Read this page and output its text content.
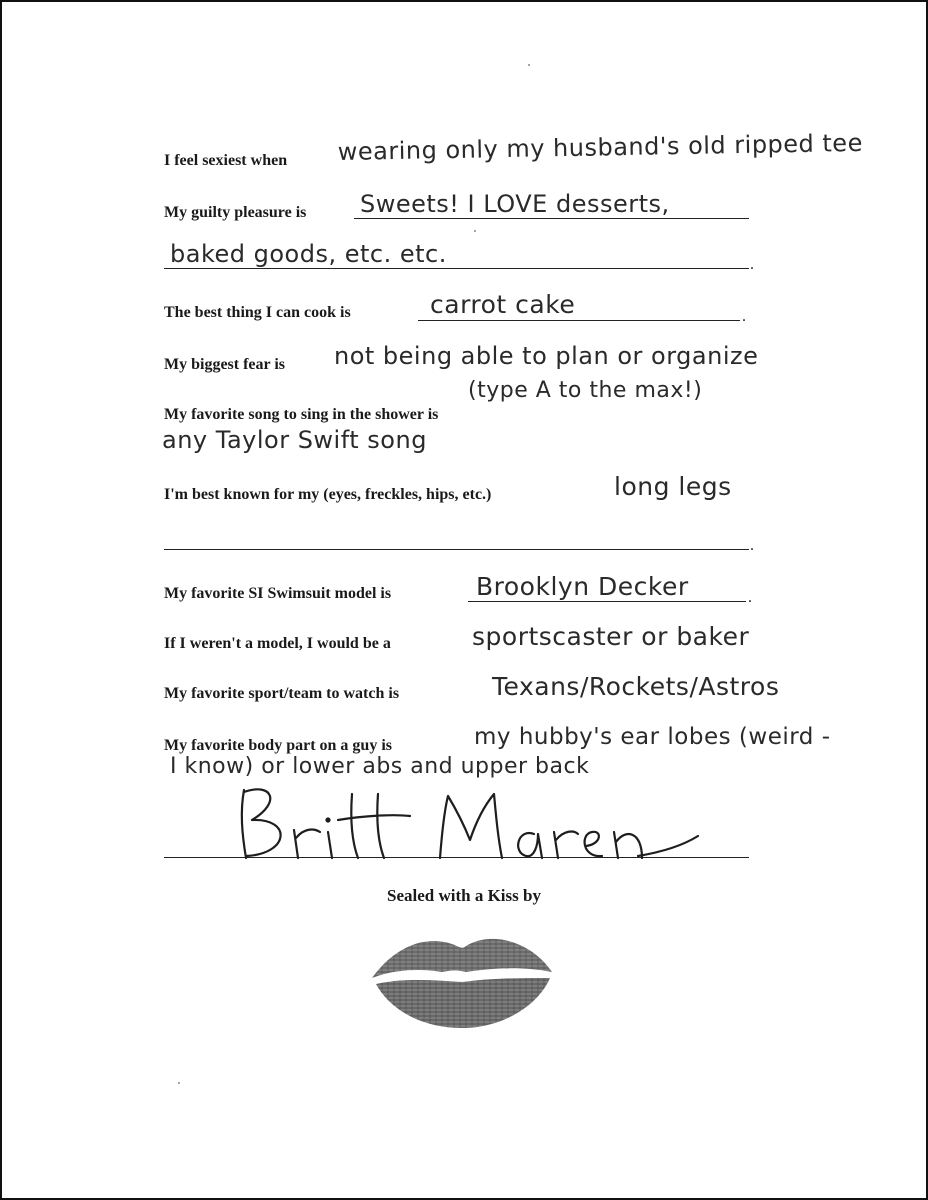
I feel sexiest when wearing only my husband's old ripped tee
My guilty pleasure is Sweets! I LOVE desserts,
baked goods, etc. etc.	.
The best thing I can cook is	carrot cake	.
My biggest fear is not being able to plan or organize
(type A to the max!)
My favorite song to sing in the shower is
any Taylor Swift song
I'm best known for my (eyes, freckles, hips, etc.)	long legs
.
My favorite SI Swimsuit model is	Brooklyn Decker	.
If I weren't a model, I would be a	sportscaster or baker
My favorite sport/team to watch is	Texans/Rockets/Astros
My favorite body part on a guy is	my hubby's ear lobes (weird -
I know) or lower abs and upper back
Sealed with a Kiss by
